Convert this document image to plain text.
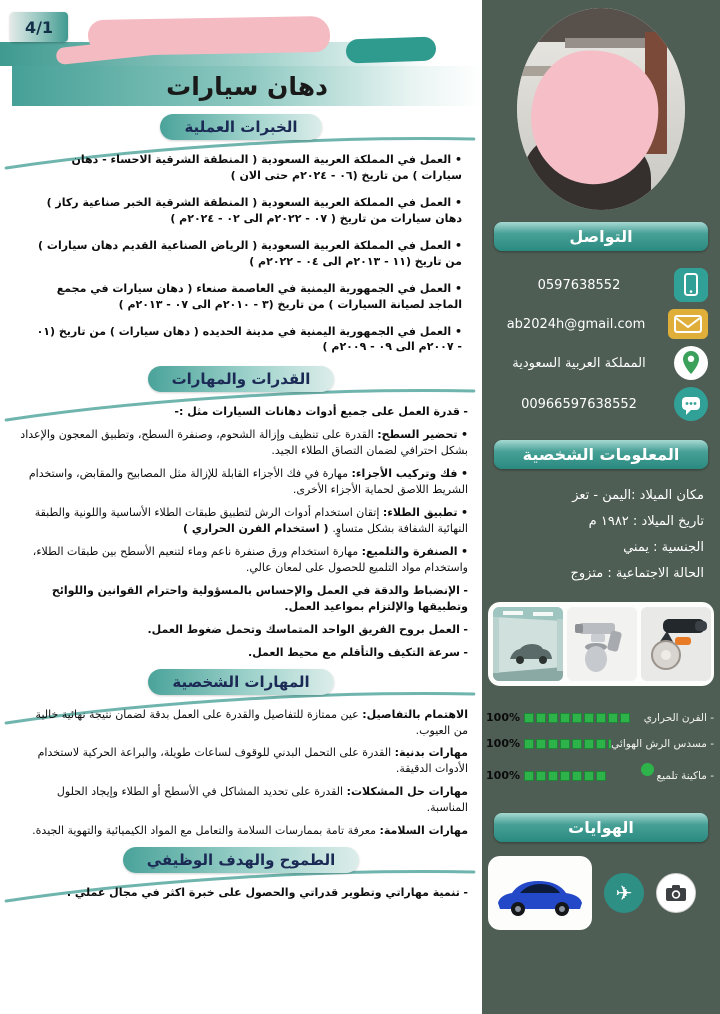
التواصل
0597638552
ab2024h@gmail.com
المملكة العربية السعودية
00966597638552
المعلومات الشخصية
مكان الميلاد :اليمن - تعز
تاريخ الميلاد : ١٩٨٢ م
الجنسية : يمني
الحالة الاجتماعية : متزوج
- الفرن الحراري
100%
- مسدس الرش الهوائي
100%
- ماكينة تلميع
100%
الهوايات
✈
4/1
دهان سيارات
الخبرات العملية
• العمل في المملكة العربية السعودية ( المنطقة الشرقية الاحساء - دهان سيارات ) من تاريخ (٠٦ - ٢٠٢٤م حتى الان )
• العمل في المملكة العربية السعودية ( المنطقة الشرقية الخبر صناعية ركاز ) دهان سيارات من تاريخ ( ٠٧ - ٢٠٢٢م الى ٠٢ - ٢٠٢٤م )
• العمل في المملكة العربية السعودية ( الرياض الصناعية القديم دهان سيارات ) من تاريخ (١١ - ٢٠١٣م الى ٠٤ - ٢٠٢٢م )
• العمل في الجمهورية اليمنية في العاصمة صنعاء ( دهان سيارات في مجمع الماجد لصيانة السيارات ) من تاريخ (٣ - ٢٠١٠م الى ٠٧ - ٢٠١٣م )
• العمل في الجمهورية اليمنية في مدينة الحديده ( دهان سيارات ) من تاريخ (٠١ - ٢٠٠٧م الى ٠٩ - ٢٠٠٩م )
القدرات والمهارات
- قدرة العمل على جميع أدوات دهانات السيارات مثل :-
• تحضير السطح: القدرة على تنظيف وإزالة الشحوم، وصنفرة السطح، وتطبيق المعجون والإعداد بشكل احترافي لضمان التصاق الطلاء الجيد.
• فك وتركيب الأجزاء: مهارة في فك الأجزاء القابلة للإزالة مثل المصابيح والمقابض، واستخدام الشريط اللاصق لحماية الأجزاء الأخرى.
• تطبيق الطلاء: إتقان استخدام أدوات الرش لتطبيق طبقات الطلاء الأساسية واللونية والطبقة النهائية الشفافة بشكل متساوٍ. ( استخدام الفرن الحراري )
• الصنفرة والتلميع: مهارة استخدام ورق صنفرة ناعم وماء لتنعيم الأسطح بين طبقات الطلاء، واستخدام مواد التلميع للحصول على لمعان عالي.
- الإنضباط والدقة في العمل والإحساس بالمسؤولية واحترام القوانين واللوائح وتطبيقها والإلتزام بمواعيد العمل.
- العمل بروح الفريق الواحد المتماسك وتحمل ضغوط العمل.
- سرعة التكيف والتأقلم مع محيط العمل.
المهارات الشخصية
الاهتمام بالتفاصيل: عين ممتازة للتفاصيل والقدرة على العمل بدقة لضمان نتيجة نهائية خالية من العيوب.
مهارات بدنية: القدرة على التحمل البدني للوقوف لساعات طويلة، والبراعة الحركية لاستخدام الأدوات الدقيقة.
مهارات حل المشكلات: القدرة على تحديد المشاكل في الأسطح أو الطلاء وإيجاد الحلول المناسبة.
مهارات السلامة: معرفة تامة بممارسات السلامة والتعامل مع المواد الكيميائية والتهوية الجيدة.
الطموح والهدف الوظيفي
- تنمية مهاراتي وتطوير قدراتي والحصول على خبرة اكثر في مجال عملي .
